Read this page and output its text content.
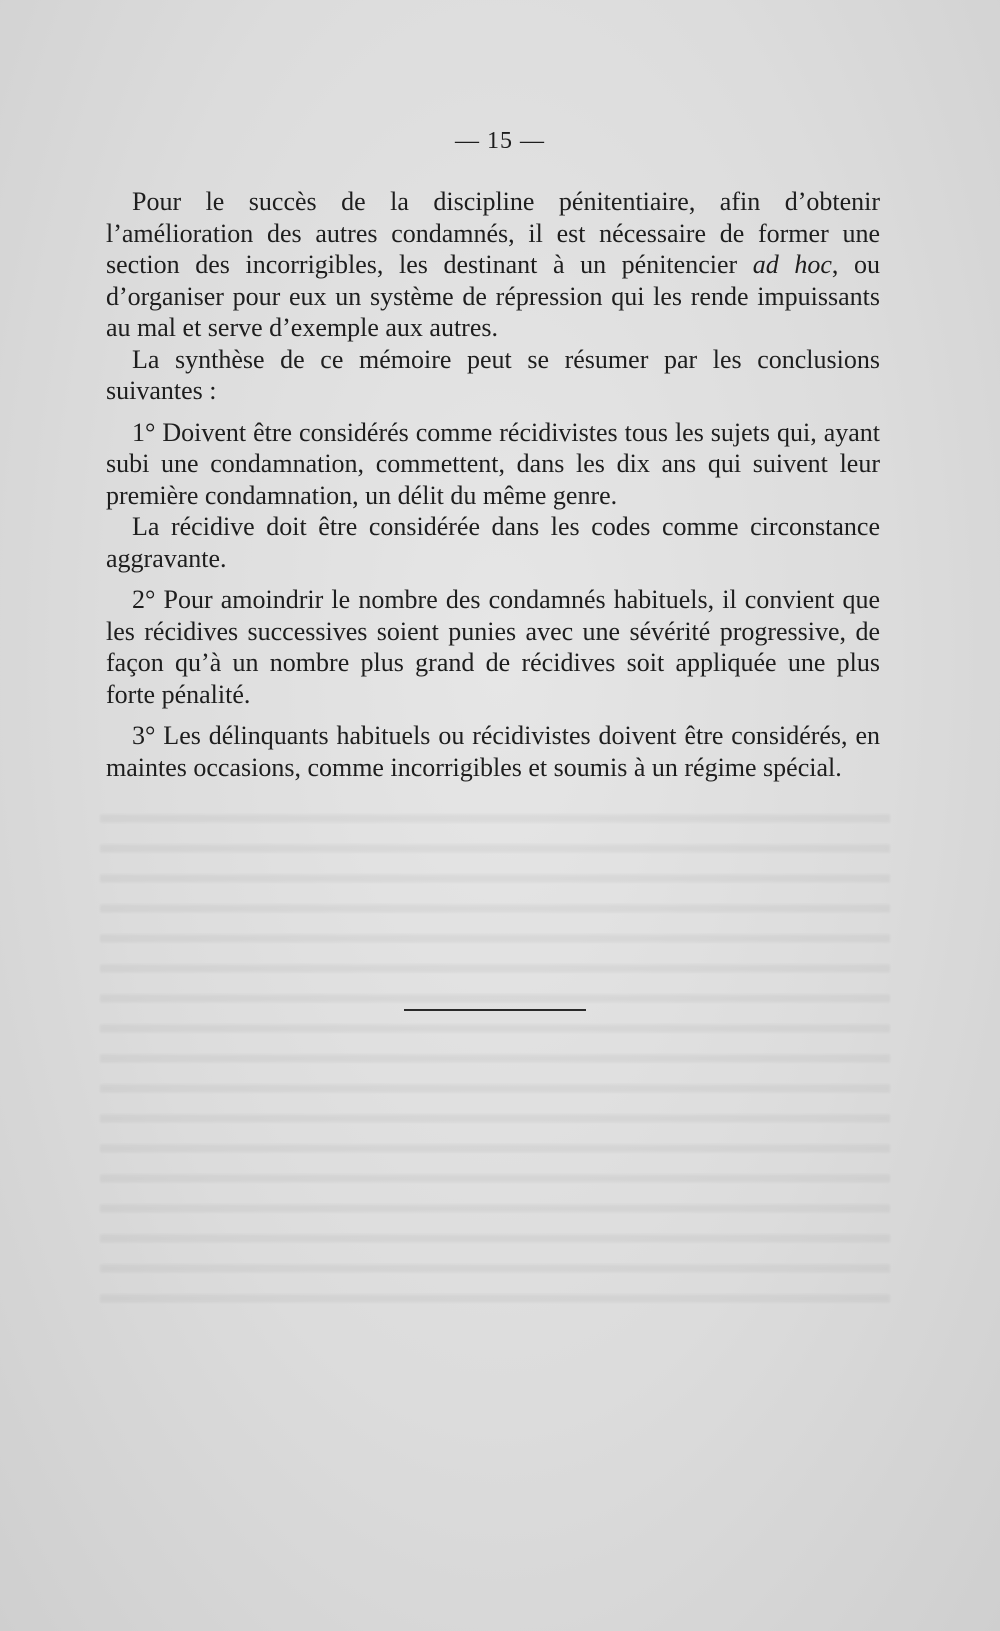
— 15 —

Pour le succès de la discipline pénitentiaire, afin d’obtenir l’amélioration des autres condamnés, il est nécessaire de former une section des incorrigibles, les destinant à un pénitencier ad hoc, ou d’organiser pour eux un système de répression qui les rende impuissants au mal et serve d’exemple aux autres.

La synthèse de ce mémoire peut se résumer par les conclusions suivantes :

1° Doivent être considérés comme récidivistes tous les sujets qui, ayant subi une condamnation, commettent, dans les dix ans qui suivent leur première condamnation, un délit du même genre.

La récidive doit être considérée dans les codes comme circonstance aggravante.

2° Pour amoindrir le nombre des condamnés habituels, il convient que les récidives successives soient punies avec une sévérité progressive, de façon qu’à un nombre plus grand de récidives soit appliquée une plus forte pénalité.

3° Les délinquants habituels ou récidivistes doivent être considérés, en maintes occasions, comme incorrigibles et soumis à un régime spécial.
